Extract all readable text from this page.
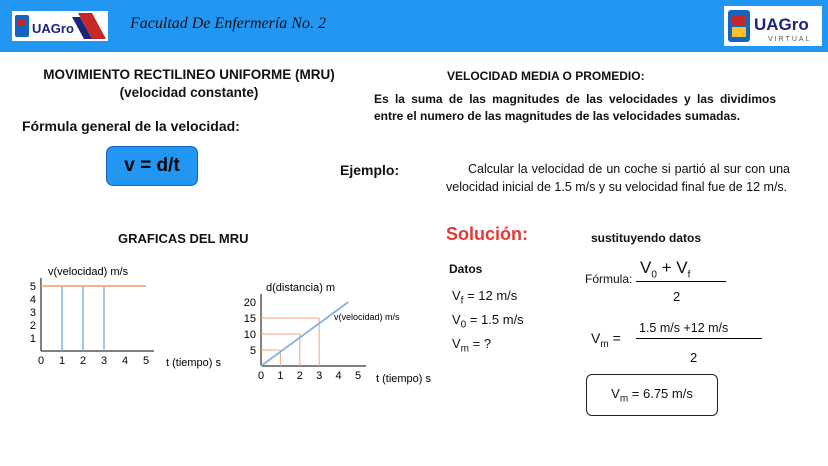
UAGro	Facultad De Enfermería No. 2	UAGro
VIRTUAL
MOVIMIENTO RECTILINEO UNIFORME (MRU)
(velocidad constante)
Fórmula general de la velocidad:
v = d/t
GRAFICAS DEL MRU
0 1 2 3 4 5
1
2
3
4
5
t (tiempo) s
v(velocidad) m/s
0 1 2 3 4 5
5
10
15
20
t (tiempo) s
d(distancia) m
v(velocidad) m/s
VELOCIDAD MEDIA O PROMEDIO:
Es la suma de las magnitudes de las velocidades y las dividimos entre el numero de las magnitudes de las velocidades sumadas.
Ejemplo:	Calcular la velocidad de un coche si partió al sur con una velocidad inicial de 1.5 m/s y su velocidad final fue de 12 m/s.
Solución:	sustituyendo datos
Datos
$V_f = 12$ m/s
$V_0 = 1.5$ m/s
$V_m$ = ?
Fórmula:
$V_0 + V_f$
2
$V_m$ =
1.5 m/s +12 m/s
2
$V_m = 6.75$ m/s
